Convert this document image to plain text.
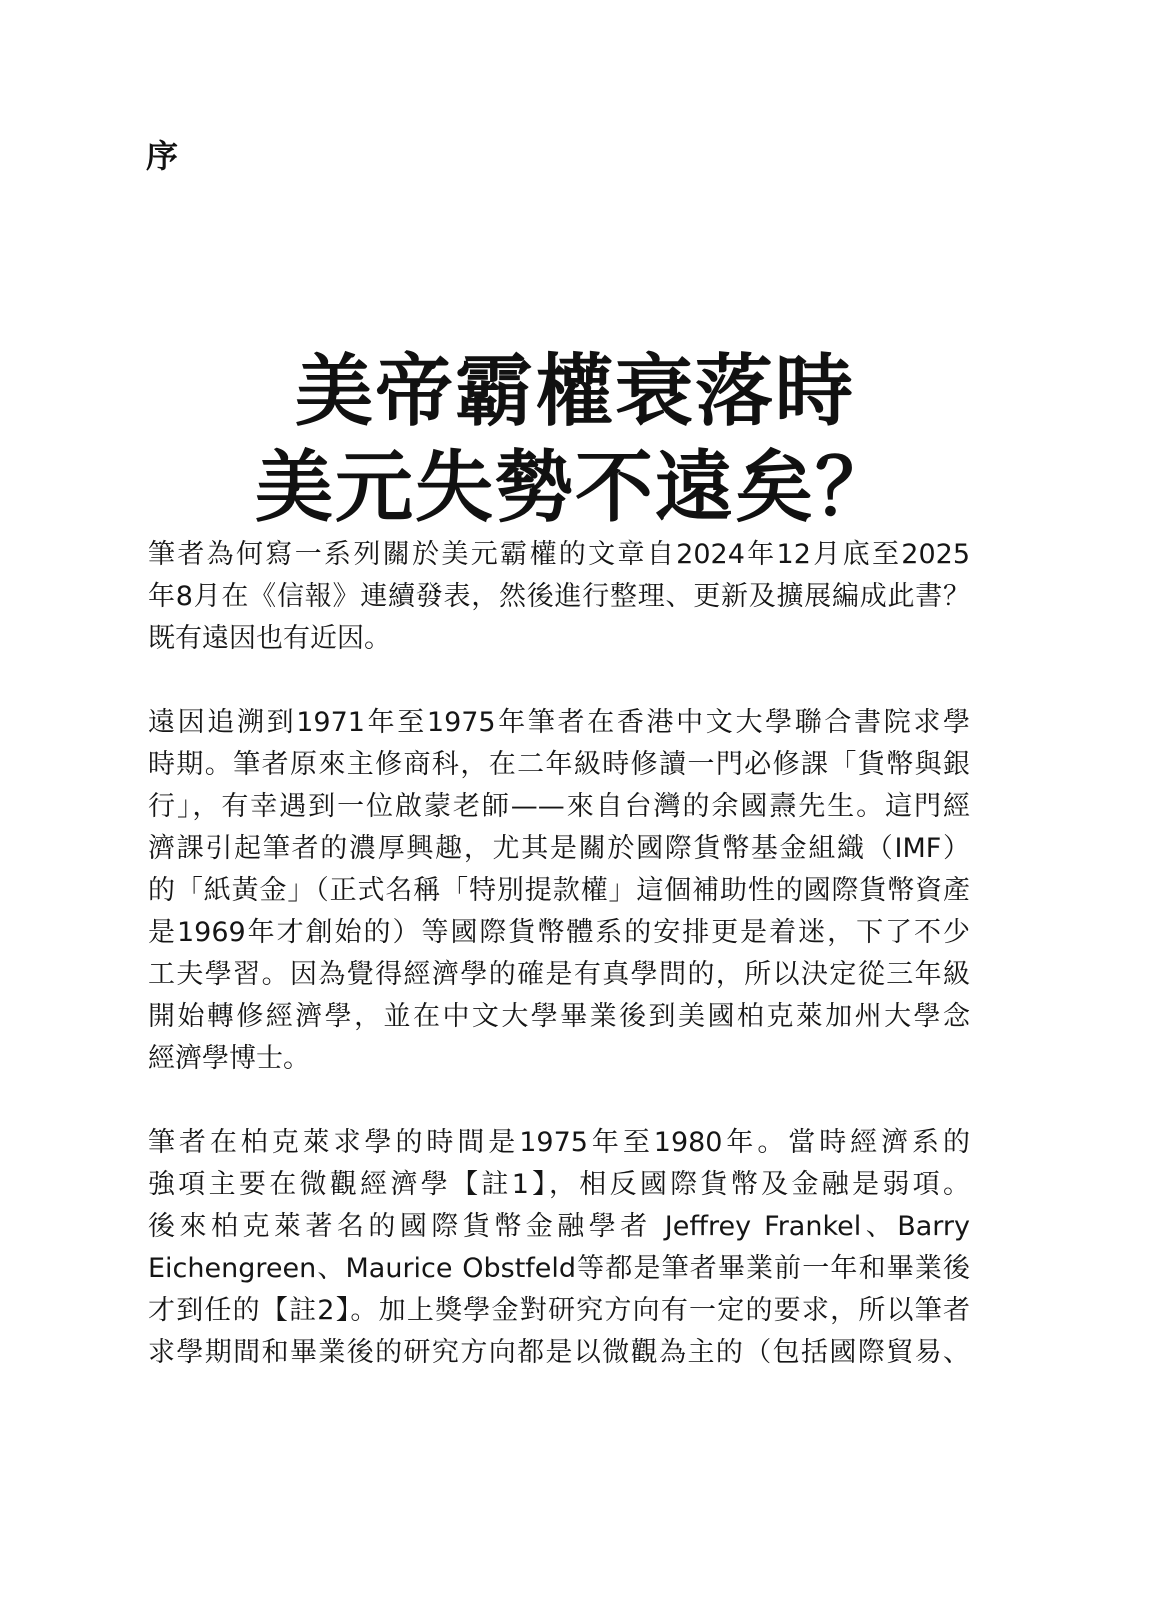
序
美帝霸權衰落時
美元失勢不遠矣？
筆者為何寫一系列關於美元霸權的文章自2024年12月底至2025
年8月在《信報》連續發表，然後進行整理、更新及擴展編成此書？
既有遠因也有近因。
遠因追溯到1971年至1975年筆者在香港中文大學聯合書院求學
時期。筆者原來主修商科，在二年級時修讀一門必修課「貨幣與銀
行」，有幸遇到一位啟蒙老師——來自台灣的余國燾先生。這門經
濟課引起筆者的濃厚興趣，尤其是關於國際貨幣基金組織（IMF）
的「紙黃金」（正式名稱「特別提款權」這個補助性的國際貨幣資產
是1969年才創始的）等國際貨幣體系的安排更是着迷，下了不少
工夫學習。因為覺得經濟學的確是有真學問的，所以決定從三年級
開始轉修經濟學，並在中文大學畢業後到美國柏克萊加州大學念
經濟學博士。
筆者在柏克萊求學的時間是1975年至1980年。當時經濟系的
強項主要在微觀經濟學【註1】，相反國際貨幣及金融是弱項。
後來柏克萊著名的國際貨幣金融學者 Jeffrey Frankel、Barry
Eichengreen、Maurice Obstfeld等都是筆者畢業前一年和畢業後
才到任的【註2】。加上獎學金對研究方向有一定的要求，所以筆者
求學期間和畢業後的研究方向都是以微觀為主的（包括國際貿易、
